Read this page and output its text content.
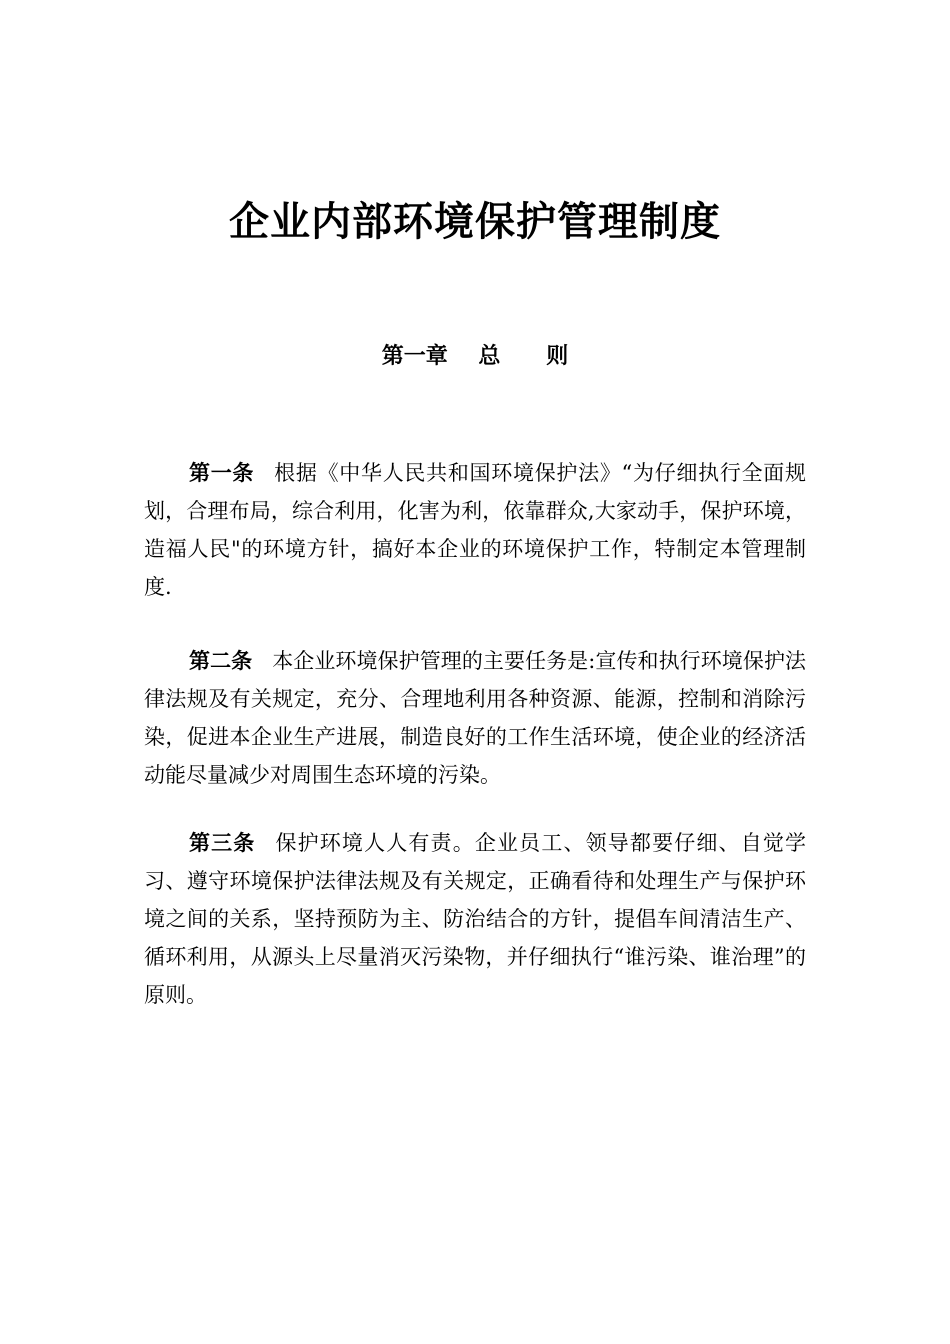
企业内部环境保护管理制度
第一章    总      则

第一条 根据《中华人民共和国环境保护法》“为仔细执行全面规划，合理布局，综合利用，化害为利，依靠群众,大家动手，保护环境，造福人民"的环境方针，搞好本企业的环境保护工作，特制定本管理制度.

第二条 本企业环境保护管理的主要任务是:宣传和执行环境保护法律法规及有关规定，充分、合理地利用各种资源、能源，控制和消除污染，促进本企业生产进展，制造良好的工作生活环境，使企业的经济活动能尽量减少对周围生态环境的污染。

第三条 保护环境人人有责。企业员工、领导都要仔细、自觉学习、遵守环境保护法律法规及有关规定，正确看待和处理生产与保护环境之间的关系，坚持预防为主、防治结合的方针，提倡车间清洁生产、循环利用，从源头上尽量消灭污染物，并仔细执行“谁污染、谁治理”的原则。
